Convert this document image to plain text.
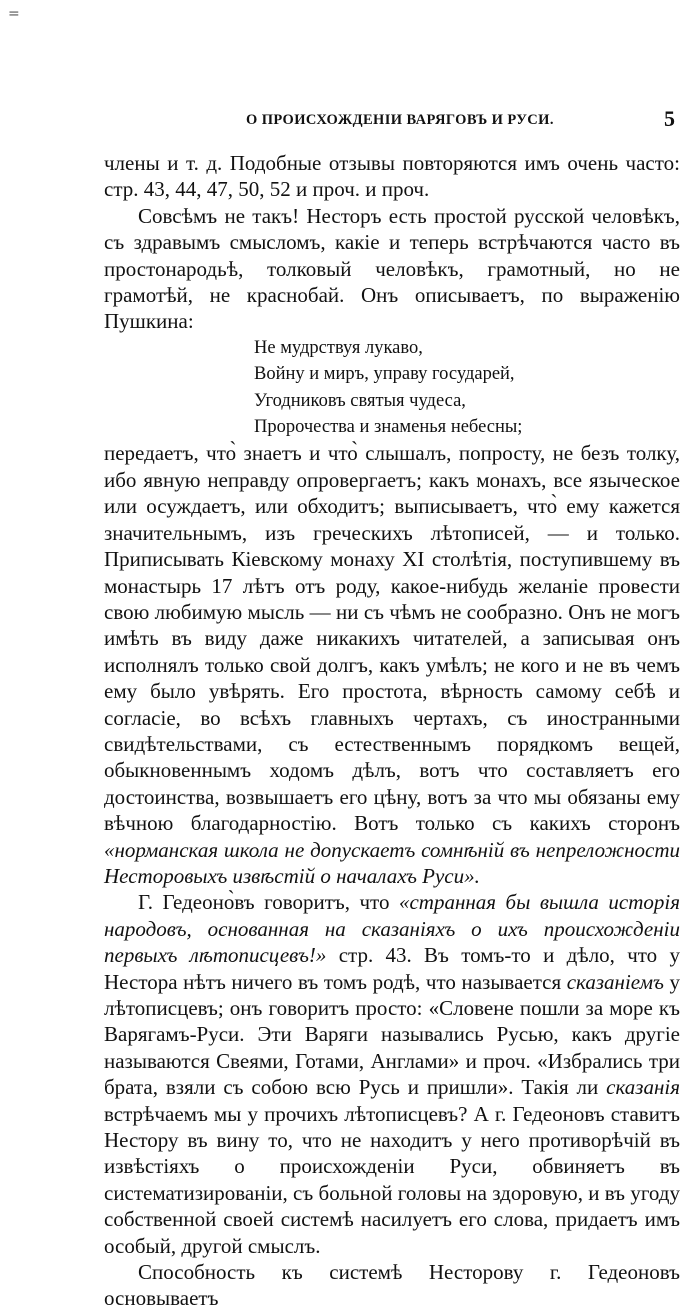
=
О ПРОИСХОЖДЕНІИ ВАРЯГОВЪ И РУСИ.	5

члены и т. д. Подобные отзывы повторяются имъ очень часто: стр. 43, 44, 47, 50, 52 и проч. и проч.

Совсѣмъ не такъ! Несторъ есть простой русской человѣкъ, съ здравымъ смысломъ, какіе и теперь встрѣчаются часто въ простонародьѣ, толковый человѣкъ, грамотный, но не грамотѣй, не краснобай. Онъ описываетъ, по выраженію Пушкина:

Не мудрствуя лукаво,
Войну и миръ, управу государей,
Угодниковъ святыя чудеса,
Пророчества и знаменья небесны;

передаетъ, что̀ знаетъ и что̀ слышалъ, попросту, не безъ толку, ибо явную неправду опровергаетъ; какъ монахъ, все языческое или осуждаетъ, или обходитъ; выписываетъ, что̀ ему кажется значительнымъ, изъ греческихъ лѣтописей, — и только. Приписывать Кіевскому монаху XI столѣтія, поступившему въ монастырь 17 лѣтъ отъ роду, какое-нибудь желаніе провести свою любимую мысль — ни съ чѣмъ не сообразно. Онъ не могъ имѣть въ виду даже никакихъ читателей, а записывая онъ исполнялъ только свой долгъ, какъ умѣлъ; не кого и не въ чемъ ему было увѣрять. Его простота, вѣрность самому себѣ и согласіе, во всѣхъ главныхъ чертахъ, съ иностранными свидѣтельствами, съ естественнымъ порядкомъ вещей, обыкновеннымъ ходомъ дѣлъ, вотъ что составляетъ его достоинства, возвышаетъ его цѣну, вотъ за что мы обязаны ему вѣчною благодарностію. Вотъ только съ какихъ сторонъ «норманская школа не допускаетъ сомнѣній въ непреложности Несторовыхъ извѣстій о началахъ Руси».

Г. Гедеоно̀въ говоритъ, что «странная бы вышла исторія народовъ, основанная на сказаніяхъ о ихъ происхожденіи первыхъ лѣтописцевъ!» стр. 43. Въ томъ-то и дѣло, что у Нестора нѣтъ ничего въ томъ родѣ, что называется сказаніемъ у лѣтописцевъ; онъ говоритъ просто: «Словене пошли за море къ Варягамъ-Руси. Эти Варяги назывались Русью, какъ другіе называются Свеями, Готами, Англами» и проч. «Избрались три брата, взяли съ собою всю Русь и пришли». Такія ли сказанія встрѣчаемъ мы у прочихъ лѣтописцевъ? А г. Гедеоновъ ставитъ Нестору въ вину то, что не находитъ у него противорѣчій въ извѣстіяхъ о происхожденіи Руси, обвиняетъ въ систематизированіи, съ больной головы на здоровую, и въ угоду собственной своей системѣ насилуетъ его слова, придаетъ имъ особый, другой смыслъ.

Способность къ системѣ Несторову г. Гедеоновъ основываетъ
